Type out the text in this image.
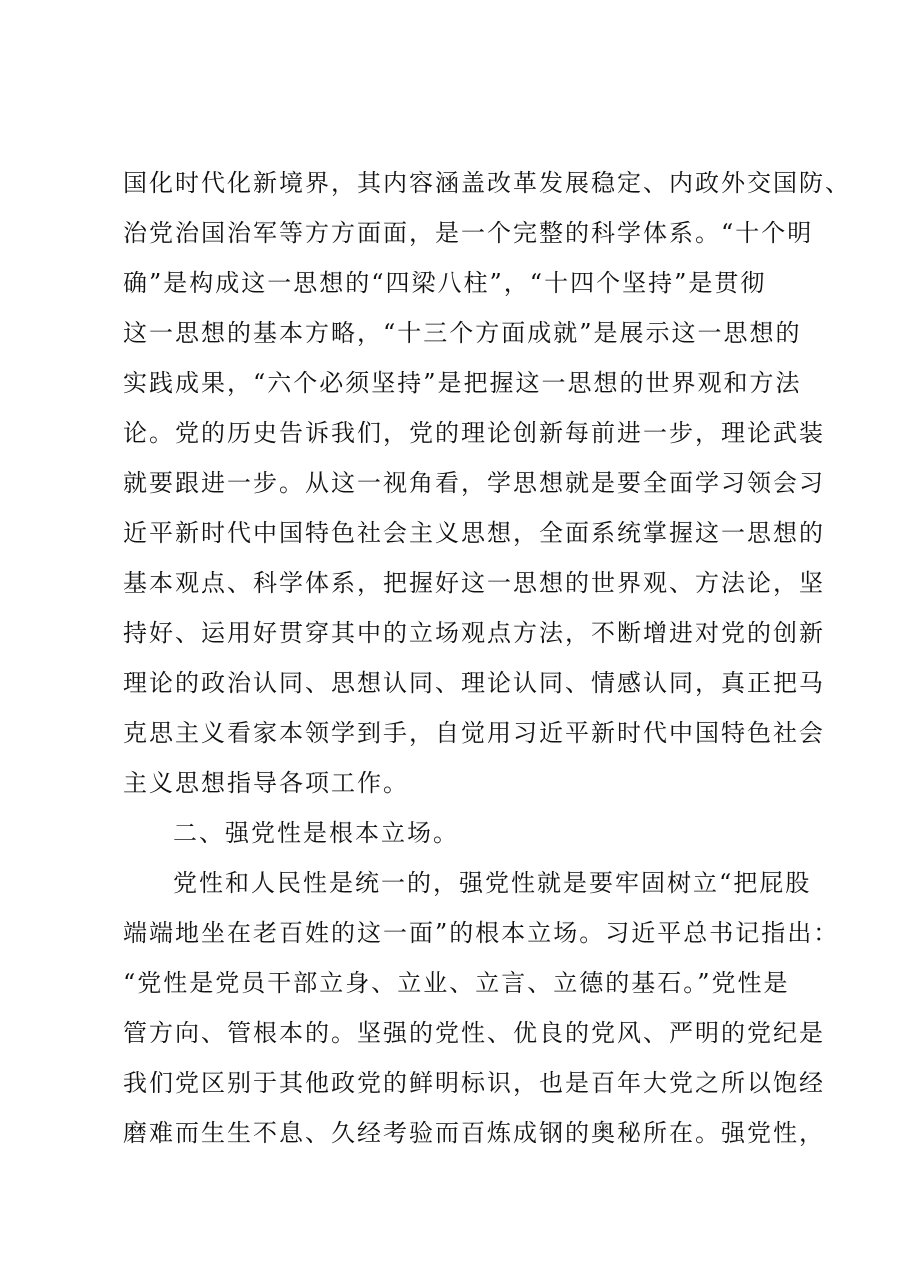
国化时代化新境界，其内容涵盖改革发展稳定、内政外交国防、
治党治国治军等方方面面，是一个完整的科学体系。“十个明
确”是构成这一思想的“四梁八柱”，“十四个坚持”是贯彻
这一思想的基本方略，“十三个方面成就”是展示这一思想的
实践成果，“六个必须坚持”是把握这一思想的世界观和方法
论。党的历史告诉我们，党的理论创新每前进一步，理论武装
就要跟进一步。从这一视角看，学思想就是要全面学习领会习
近平新时代中国特色社会主义思想，全面系统掌握这一思想的
基本观点、科学体系，把握好这一思想的世界观、方法论，坚
持好、运用好贯穿其中的立场观点方法，不断增进对党的创新
理论的政治认同、思想认同、理论认同、情感认同，真正把马
克思主义看家本领学到手，自觉用习近平新时代中国特色社会
主义思想指导各项工作。
二、强党性是根本立场。
党性和人民性是统一的，强党性就是要牢固树立“把屁股
端端地坐在老百姓的这一面”的根本立场。习近平总书记指出：
“党性是党员干部立身、立业、立言、立德的基石。”党性是
管方向、管根本的。坚强的党性、优良的党风、严明的党纪是
我们党区别于其他政党的鲜明标识，也是百年大党之所以饱经
磨难而生生不息、久经考验而百炼成钢的奥秘所在。强党性，
